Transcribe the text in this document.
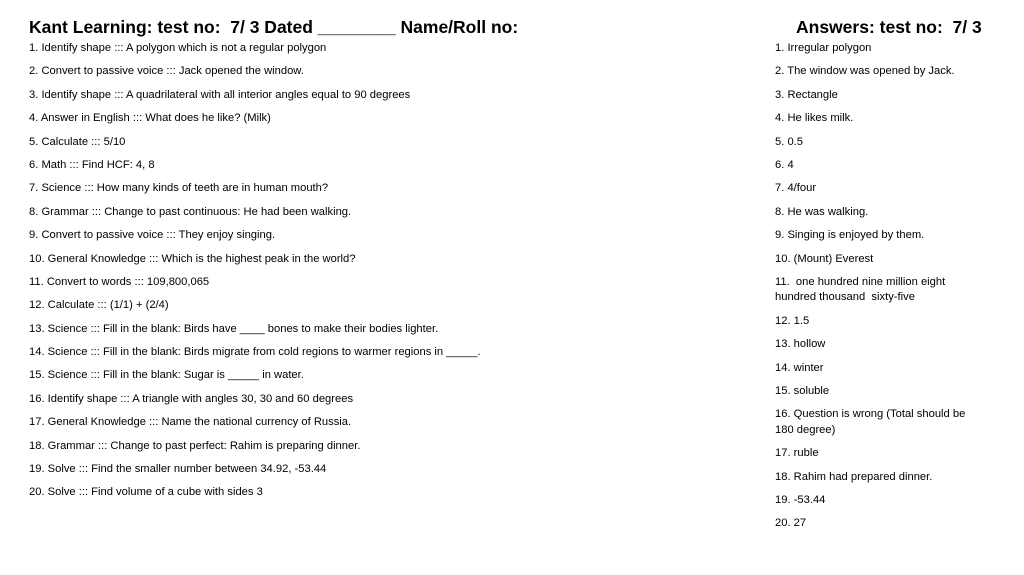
Kant Learning: test no:  7/ 3 Dated ________ Name/Roll no:	Answers: test no:  7/ 3
1. Identify shape ::: A polygon which is not a regular polygon
2. Convert to passive voice ::: Jack opened the window.
3. Identify shape ::: A quadrilateral with all interior angles equal to 90 degrees
4. Answer in English ::: What does he like? (Milk)
5. Calculate ::: 5/10
6. Math ::: Find HCF: 4, 8
7. Science ::: How many kinds of teeth are in human mouth?
8. Grammar ::: Change to past continuous: He had been walking.
9. Convert to passive voice ::: They enjoy singing.
10. General Knowledge ::: Which is the highest peak in the world?
11. Convert to words ::: 109,800,065
12. Calculate ::: (1/1) + (2/4)
13. Science ::: Fill in the blank: Birds have ____ bones to make their bodies lighter.
14. Science ::: Fill in the blank: Birds migrate from cold regions to warmer regions in _____.
15. Science ::: Fill in the blank: Sugar is _____ in water.
16. Identify shape ::: A triangle with angles 30, 30 and 60 degrees
17. General Knowledge ::: Name the national currency of Russia.
18. Grammar ::: Change to past perfect: Rahim is preparing dinner.
19. Solve ::: Find the smaller number between 34.92, -53.44
20. Solve ::: Find volume of a cube with sides 3
1. Irregular polygon
2. The window was opened by Jack.
3. Rectangle
4. He likes milk.
5. 0.5
6. 4
7. 4/four
8. He was walking.
9. Singing is enjoyed by them.
10. (Mount) Everest
11.  one hundred nine million eight hundred thousand  sixty-five
12. 1.5
13. hollow
14. winter
15. soluble
16. Question is wrong (Total should be 180 degree)
17. ruble
18. Rahim had prepared dinner.
19. -53.44
20. 27
